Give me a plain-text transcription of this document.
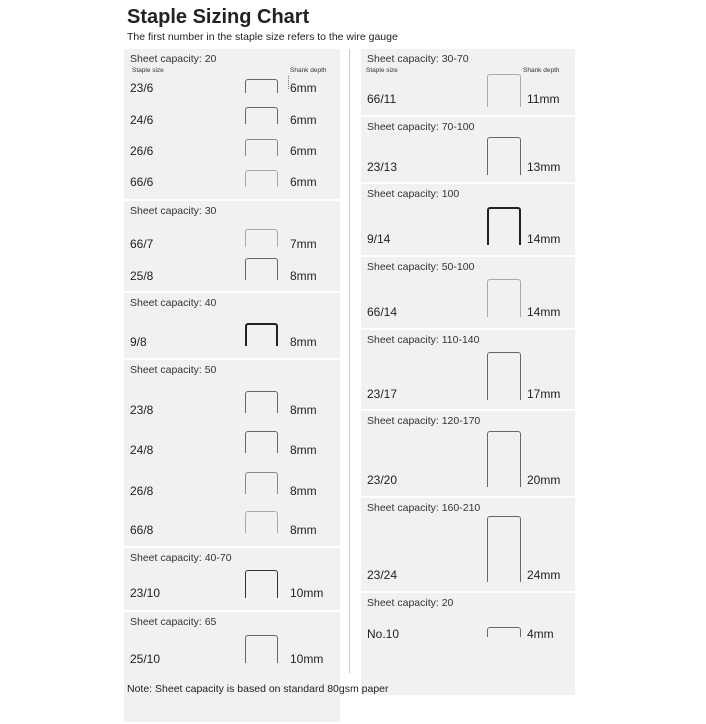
Staple Sizing Chart
The first number in the staple size refers to the wire gauge
Sheet capacity: 20
Staple size	Shank depth
23/6	6mm
24/6	6mm
26/6	6mm
66/6	6mm
Sheet capacity: 30
66/7	7mm
25/8	8mm
Sheet capacity: 40
9/8	8mm
Sheet capacity: 50
23/8	8mm
24/8	8mm
26/8	8mm
66/8	8mm
Sheet capacity: 40-70
23/10	10mm
Sheet capacity: 65
25/10	10mm
Sheet capacity: 30-70
Staple size	Shank depth
66/11	11mm
Sheet capacity: 70-100
23/13	13mm
Sheet capacity: 100
9/14	14mm
Sheet capacity: 50-100
66/14	14mm
Sheet capacity: 110-140
23/17	17mm
Sheet capacity: 120-170
23/20	20mm
Sheet capacity: 160-210
23/24	24mm
Sheet capacity: 20
No.10	4mm
Note: Sheet capacity is based on standard 80gsm paper
